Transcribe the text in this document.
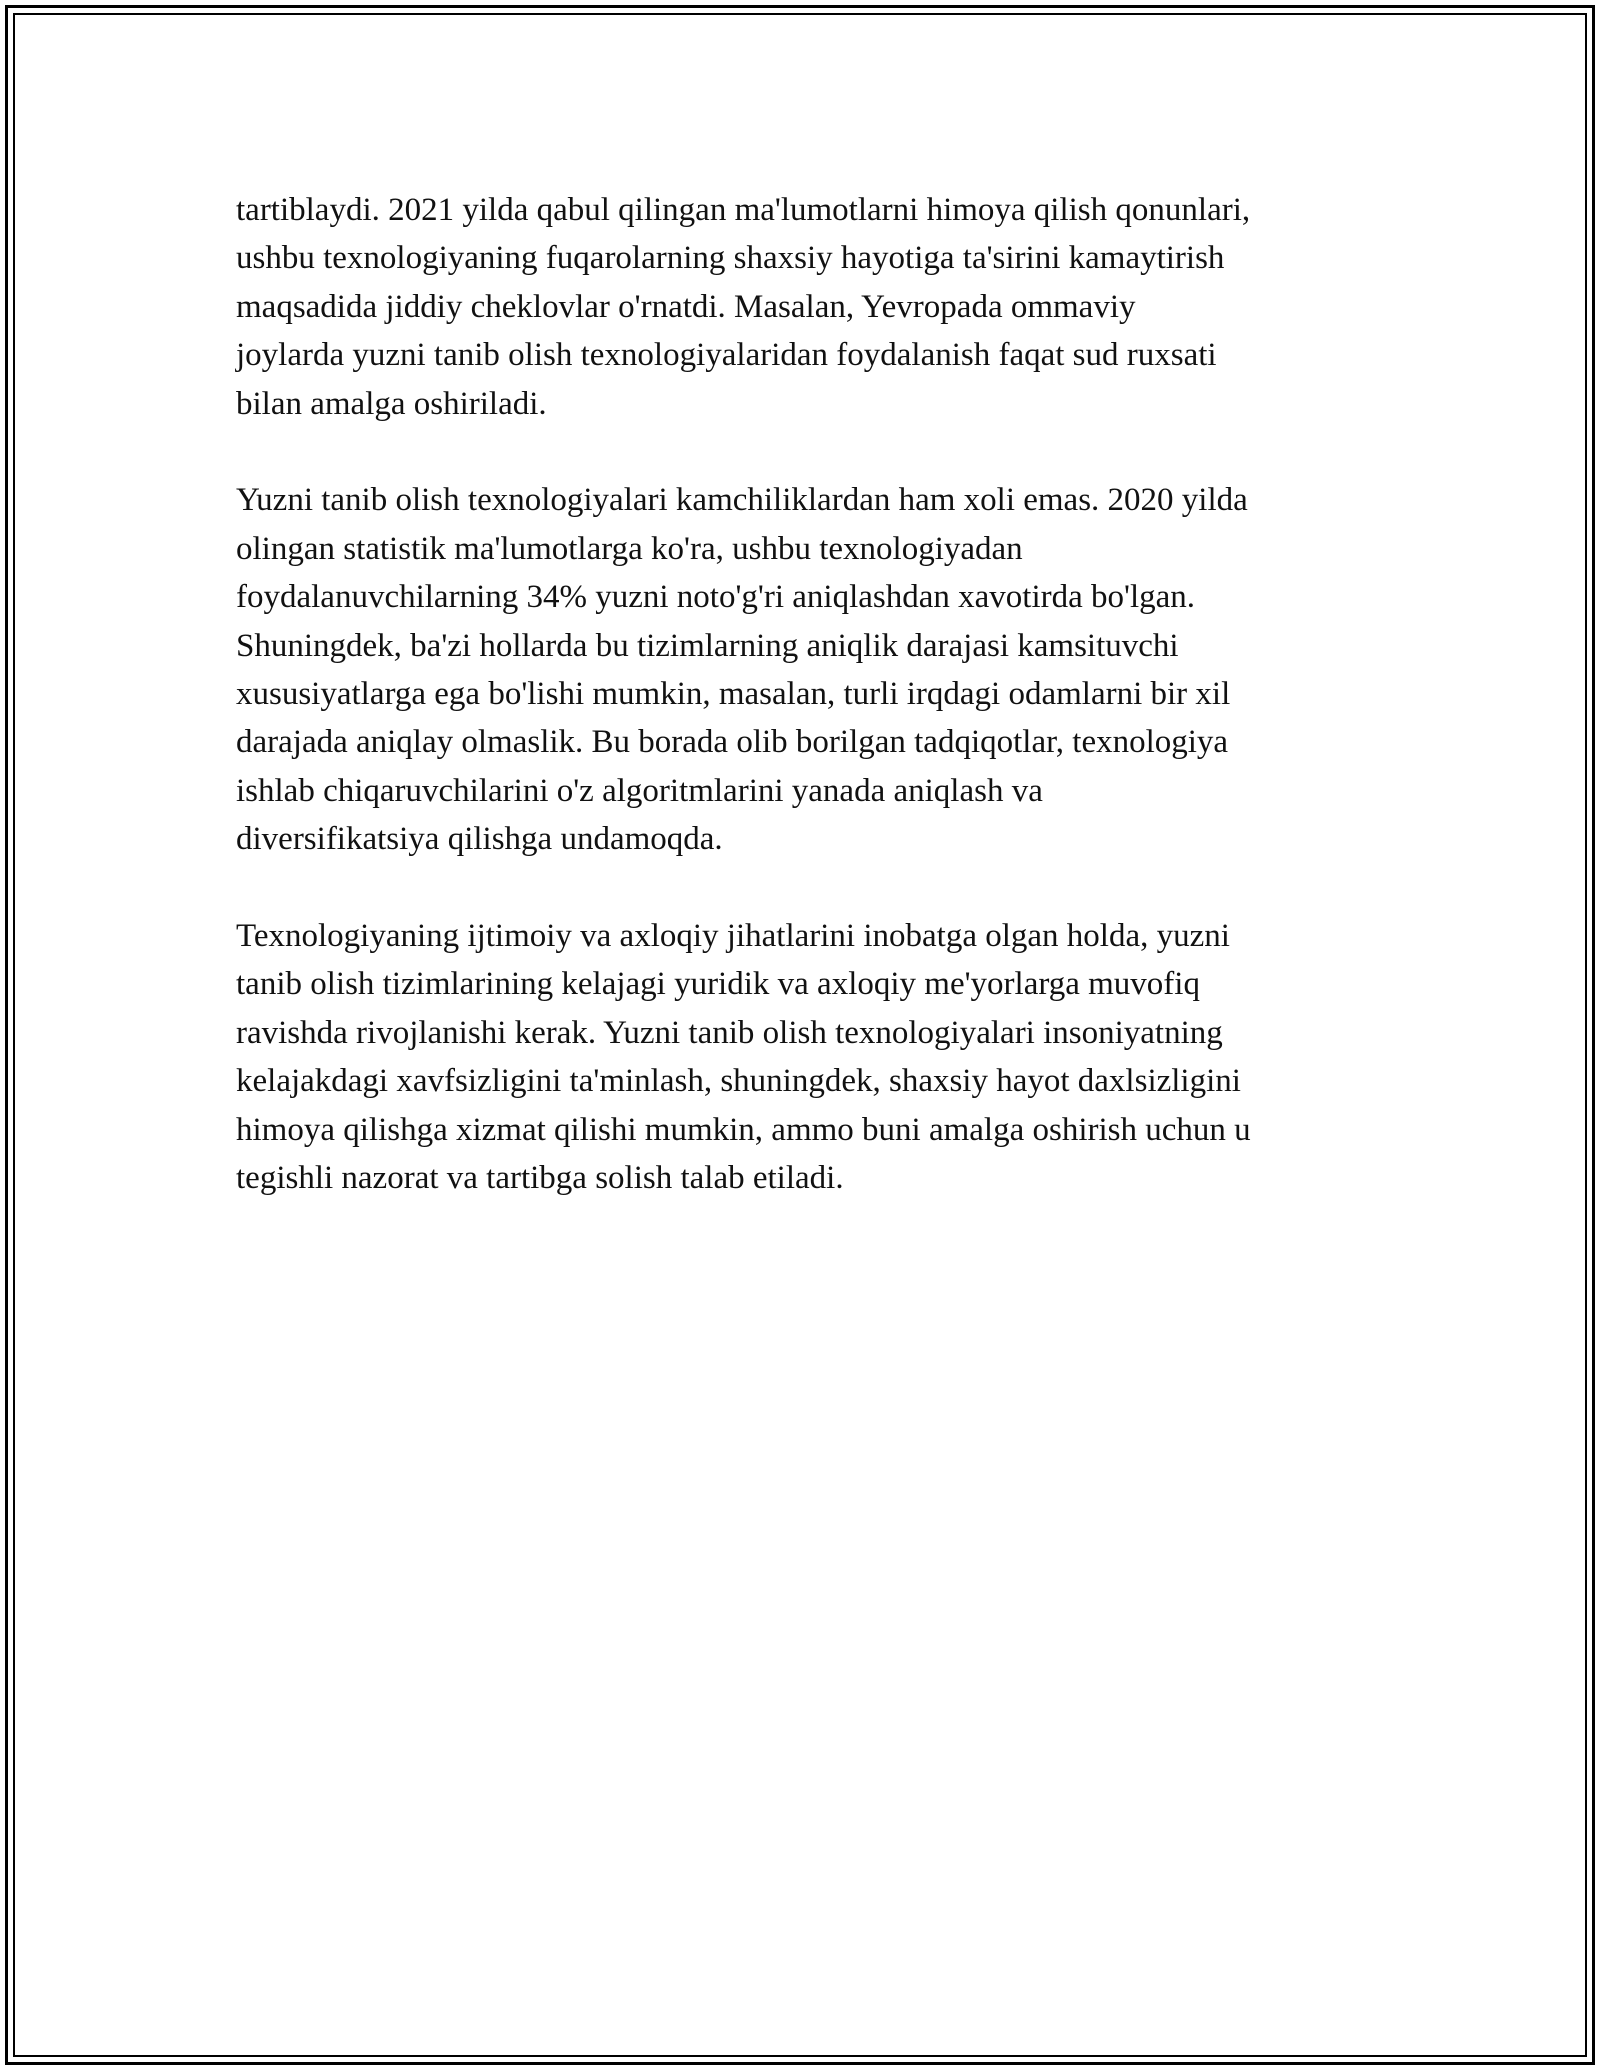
tartiblaydi. 2021 yilda qabul qilingan ma'lumotlarni himoya qilish qonunlari,
ushbu texnologiyaning fuqarolarning shaxsiy hayotiga ta'sirini kamaytirish
maqsadida jiddiy cheklovlar o'rnatdi. Masalan, Yevropada ommaviy
joylarda yuzni tanib olish texnologiyalaridan foydalanish faqat sud ruxsati
bilan amalga oshiriladi.

Yuzni tanib olish texnologiyalari kamchiliklardan ham xoli emas. 2020 yilda
olingan statistik ma'lumotlarga ko'ra, ushbu texnologiyadan
foydalanuvchilarning 34% yuzni noto'g'ri aniqlashdan xavotirda bo'lgan.
Shuningdek, ba'zi hollarda bu tizimlarning aniqlik darajasi kamsituvchi
xususiyatlarga ega bo'lishi mumkin, masalan, turli irqdagi odamlarni bir xil
darajada aniqlay olmaslik. Bu borada olib borilgan tadqiqotlar, texnologiya
ishlab chiqaruvchilarini o'z algoritmlarini yanada aniqlash va
diversifikatsiya qilishga undamoqda.

Texnologiyaning ijtimoiy va axloqiy jihatlarini inobatga olgan holda, yuzni
tanib olish tizimlarining kelajagi yuridik va axloqiy me'yorlarga muvofiq
ravishda rivojlanishi kerak. Yuzni tanib olish texnologiyalari insoniyatning
kelajakdagi xavfsizligini ta'minlash, shuningdek, shaxsiy hayot daxlsizligini
himoya qilishga xizmat qilishi mumkin, ammo buni amalga oshirish uchun u
tegishli nazorat va tartibga solish talab etiladi.
